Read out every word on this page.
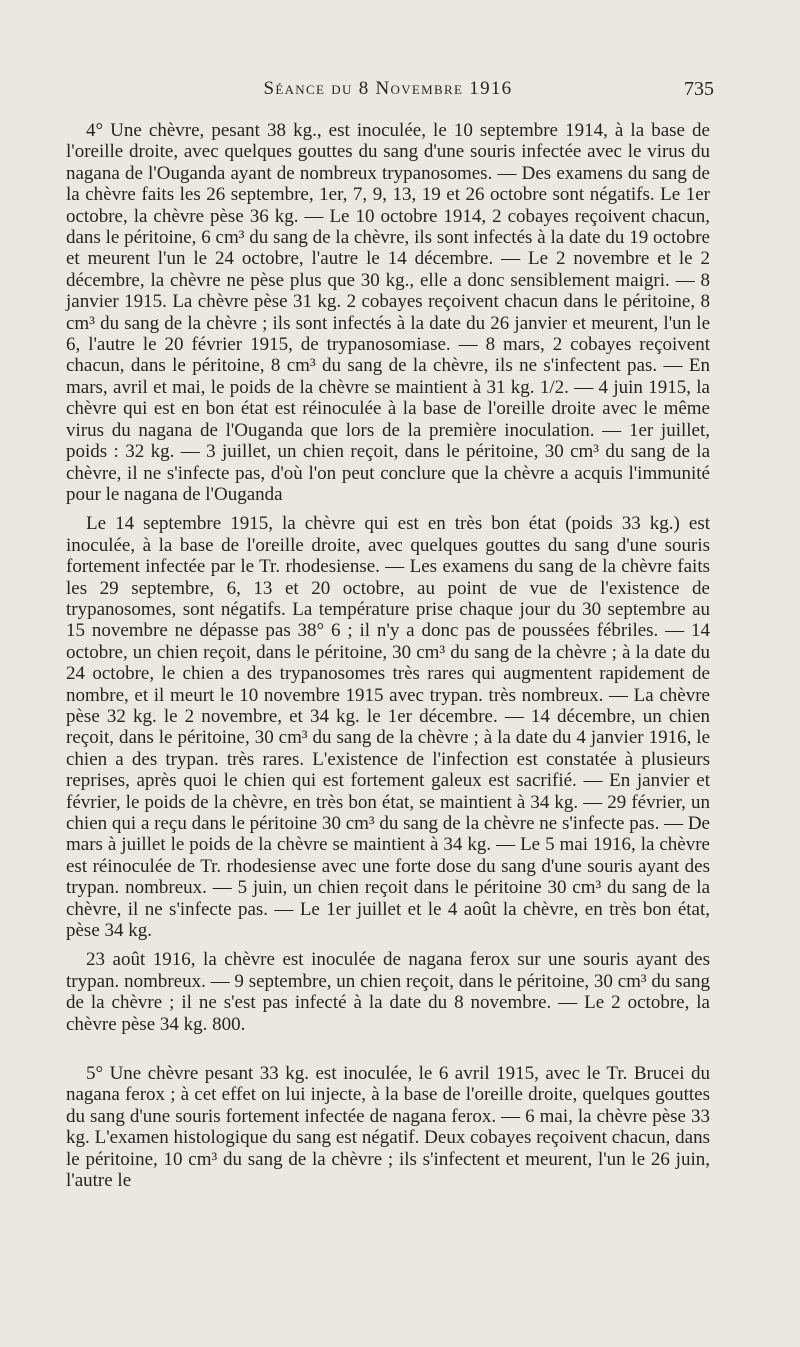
Séance du 8 Novembre 1916	735

4° Une chèvre, pesant 38 kg., est inoculée, le 10 septembre 1914, à la base de l'oreille droite, avec quelques gouttes du sang d'une souris infectée avec le virus du nagana de l'Ouganda ayant de nombreux trypanosomes. — Des examens du sang de la chèvre faits les 26 septembre, 1er, 7, 9, 13, 19 et 26 octobre sont négatifs. Le 1er octobre, la chèvre pèse 36 kg. — Le 10 octobre 1914, 2 cobayes reçoivent chacun, dans le péritoine, 6 cm³ du sang de la chèvre, ils sont infectés à la date du 19 octobre et meurent l'un le 24 octobre, l'autre le 14 décembre. — Le 2 novembre et le 2 décembre, la chèvre ne pèse plus que 30 kg., elle a donc sensiblement maigri. — 8 janvier 1915. La chèvre pèse 31 kg. 2 cobayes reçoivent chacun dans le péritoine, 8 cm³ du sang de la chèvre ; ils sont infectés à la date du 26 janvier et meurent, l'un le 6, l'autre le 20 février 1915, de trypanosomiase. — 8 mars, 2 cobayes reçoivent chacun, dans le péritoine, 8 cm³ du sang de la chèvre, ils ne s'infectent pas. — En mars, avril et mai, le poids de la chèvre se maintient à 31 kg. 1/2. — 4 juin 1915, la chèvre qui est en bon état est réinoculée à la base de l'oreille droite avec le même virus du nagana de l'Ouganda que lors de la première inoculation. — 1er juillet, poids : 32 kg. — 3 juillet, un chien reçoit, dans le péritoine, 30 cm³ du sang de la chèvre, il ne s'infecte pas, d'où l'on peut conclure que la chèvre a acquis l'immunité pour le nagana de l'Ouganda

Le 14 septembre 1915, la chèvre qui est en très bon état (poids 33 kg.) est inoculée, à la base de l'oreille droite, avec quelques gouttes du sang d'une souris fortement infectée par le Tr. rhodesiense. — Les examens du sang de la chèvre faits les 29 septembre, 6, 13 et 20 octobre, au point de vue de l'existence de trypanosomes, sont négatifs. La température prise chaque jour du 30 septembre au 15 novembre ne dépasse pas 38° 6 ; il n'y a donc pas de poussées fébriles. — 14 octobre, un chien reçoit, dans le péritoine, 30 cm³ du sang de la chèvre ; à la date du 24 octobre, le chien a des trypanosomes très rares qui augmentent rapidement de nombre, et il meurt le 10 novembre 1915 avec trypan. très nombreux. — La chèvre pèse 32 kg. le 2 novembre, et 34 kg. le 1er décembre. — 14 décembre, un chien reçoit, dans le péritoine, 30 cm³ du sang de la chèvre ; à la date du 4 janvier 1916, le chien a des trypan. très rares. L'existence de l'infection est constatée à plusieurs reprises, après quoi le chien qui est fortement galeux est sacrifié. — En janvier et février, le poids de la chèvre, en très bon état, se maintient à 34 kg. — 29 février, un chien qui a reçu dans le péritoine 30 cm³ du sang de la chèvre ne s'infecte pas. — De mars à juillet le poids de la chèvre se maintient à 34 kg. — Le 5 mai 1916, la chèvre est réinoculée de Tr. rhodesiense avec une forte dose du sang d'une souris ayant des trypan. nombreux. — 5 juin, un chien reçoit dans le péritoine 30 cm³ du sang de la chèvre, il ne s'infecte pas. — Le 1er juillet et le 4 août la chèvre, en très bon état, pèse 34 kg.

23 août 1916, la chèvre est inoculée de nagana ferox sur une souris ayant des trypan. nombreux. — 9 septembre, un chien reçoit, dans le péritoine, 30 cm³ du sang de la chèvre ; il ne s'est pas infecté à la date du 8 novembre. — Le 2 octobre, la chèvre pèse 34 kg. 800.

5° Une chèvre pesant 33 kg. est inoculée, le 6 avril 1915, avec le Tr. Brucei du nagana ferox ; à cet effet on lui injecte, à la base de l'oreille droite, quelques gouttes du sang d'une souris fortement infectée de nagana ferox. — 6 mai, la chèvre pèse 33 kg. L'examen histologique du sang est négatif. Deux cobayes reçoivent chacun, dans le péritoine, 10 cm³ du sang de la chèvre ; ils s'infectent et meurent, l'un le 26 juin, l'autre le
